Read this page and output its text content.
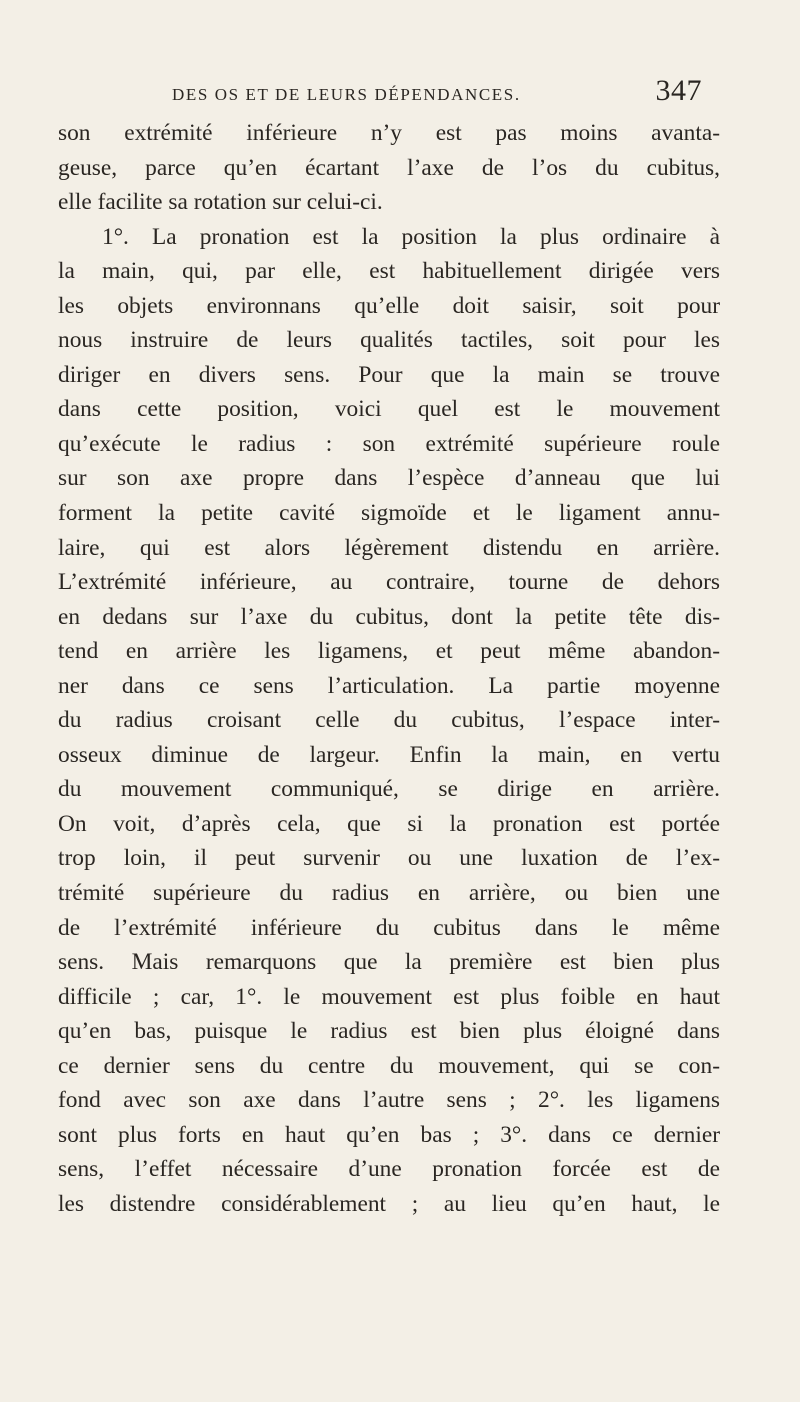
DES OS ET DE LEURS DÉPENDANCES.	347
son extrémité inférieure n’y est pas moins avanta-
geuse, parce qu’en écartant l’axe de l’os du cubitus,
elle facilite sa rotation sur celui-ci.
1°. La pronation est la position la plus ordinaire à
la main, qui, par elle, est habituellement dirigée vers
les objets environnans qu’elle doit saisir, soit pour
nous instruire de leurs qualités tactiles, soit pour les
diriger en divers sens. Pour que la main se trouve
dans cette position, voici quel est le mouvement
qu’exécute le radius : son extrémité supérieure roule
sur son axe propre dans l’espèce d’anneau que lui
forment la petite cavité sigmoïde et le ligament annu-
laire, qui est alors légèrement distendu en arrière.
L’extrémité inférieure, au contraire, tourne de dehors
en dedans sur l’axe du cubitus, dont la petite tête dis-
tend en arrière les ligamens, et peut même abandon-
ner dans ce sens l’articulation. La partie moyenne
du radius croisant celle du cubitus, l’espace inter-
osseux diminue de largeur. Enfin la main, en vertu
du mouvement communiqué, se dirige en arrière.
On voit, d’après cela, que si la pronation est portée
trop loin, il peut survenir ou une luxation de l’ex-
trémité supérieure du radius en arrière, ou bien une
de l’extrémité inférieure du cubitus dans le même
sens. Mais remarquons que la première est bien plus
difficile ; car, 1°. le mouvement est plus foible en haut
qu’en bas, puisque le radius est bien plus éloigné dans
ce dernier sens du centre du mouvement, qui se con-
fond avec son axe dans l’autre sens ; 2°. les ligamens
sont plus forts en haut qu’en bas ; 3°. dans ce dernier
sens, l’effet nécessaire d’une pronation forcée est de
les distendre considérablement ; au lieu qu’en haut, le
